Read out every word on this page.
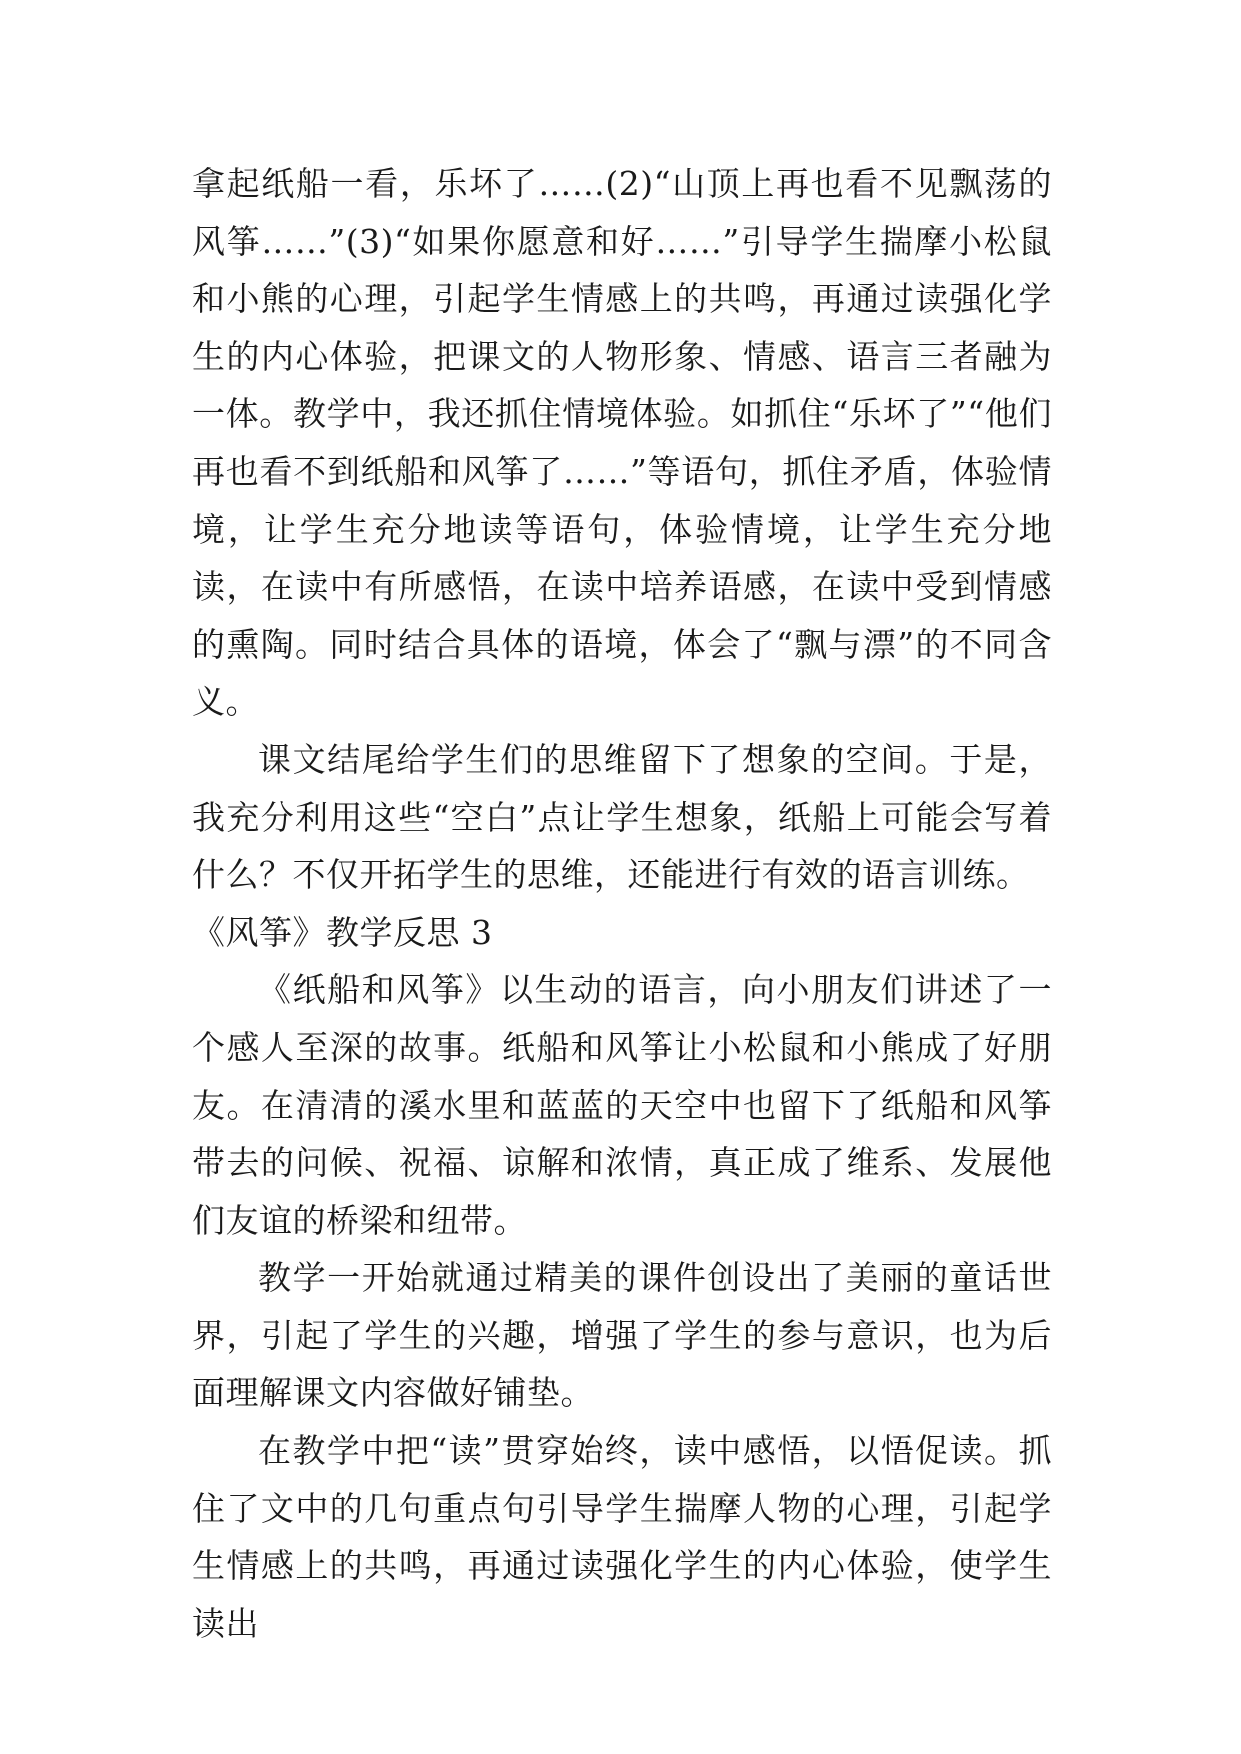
拿起纸船一看，乐坏了……(2)“山顶上再也看不见飘荡的风筝……”(3)“如果你愿意和好……”引导学生揣摩小松鼠和小熊的心理，引起学生情感上的共鸣，再通过读强化学生的内心体验，把课文的人物形象、情感、语言三者融为一体。教学中，我还抓住情境体验。如抓住“乐坏了”“他们再也看不到纸船和风筝了……”等语句，抓住矛盾，体验情境，让学生充分地读等语句，体验情境，让学生充分地读，在读中有所感悟，在读中培养语感，在读中受到情感的熏陶。同时结合具体的语境，体会了“飘与漂”的不同含义。

课文结尾给学生们的思维留下了想象的空间。于是，我充分利用这些“空白”点让学生想象，纸船上可能会写着什么？不仅开拓学生的思维，还能进行有效的语言训练。

《风筝》教学反思 3

《纸船和风筝》以生动的语言，向小朋友们讲述了一个感人至深的故事。纸船和风筝让小松鼠和小熊成了好朋友。在清清的溪水里和蓝蓝的天空中也留下了纸船和风筝带去的问候、祝福、谅解和浓情，真正成了维系、发展他们友谊的桥梁和纽带。

教学一开始就通过精美的课件创设出了美丽的童话世界，引起了学生的兴趣，增强了学生的参与意识，也为后面理解课文内容做好铺垫。

在教学中把“读”贯穿始终，读中感悟，以悟促读。抓住了文中的几句重点句引导学生揣摩人物的心理，引起学生情感上的共鸣，再通过读强化学生的内心体验，使学生读出
